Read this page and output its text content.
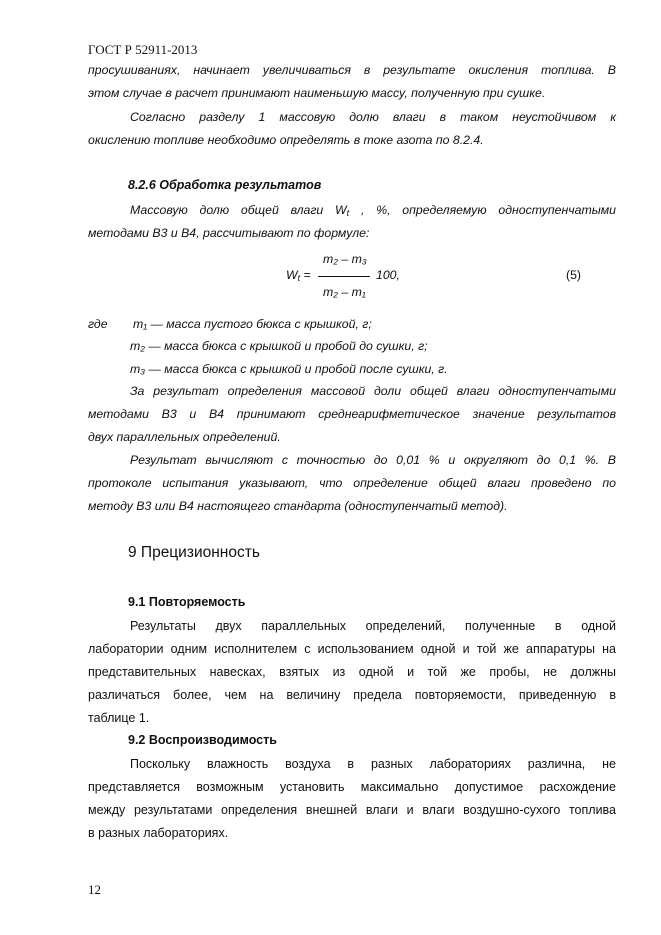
ГОСТ Р 52911-2013
просушиваниях, начинает увеличиваться в результате окисления топлива. В
этом случае в расчет принимают наименьшую массу, полученную при сушке.
Согласно разделу 1 массовую долю влаги в таком неустойчивом к
окислению топливе необходимо определять в токе азота по 8.2.4.
8.2.6 Обработка результатов
Массовую долю общей влаги $W_t$ , %, определяемую одноступенчатыми
методами В3 и В4, рассчитывают по формуле:
$W_t$ =
m₂ – m₃
m₂ – m₁
100,	(5)
где m₁ — масса пустого бюкса с крышкой, г;
m₂ — масса бюкса с крышкой и пробой до сушки, г;
m₃ — масса бюкса с крышкой и пробой после сушки, г.
За результат определения массовой доли общей влаги одноступенчатыми
методами В3 и В4 принимают среднеарифметическое значение результатов
двух параллельных определений.
Результат вычисляют с точностью до 0,01 % и округляют до 0,1 %. В
протоколе испытания указывают, что определение общей влаги проведено по
методу В3 или В4 настоящего стандарта (одноступенчатый метод).
9 Прецизионность
9.1 Повторяемость
Результаты двух параллельных определений, полученные в одной
лаборатории одним исполнителем с использованием одной и той же аппаратуры на
представительных навесках, взятых из одной и той же пробы, не должны
различаться более, чем на величину предела повторяемости, приведенную в
таблице 1.
9.2 Воспроизводимость
Поскольку влажность воздуха в разных лабораториях различна, не
представляется возможным установить максимально допустимое расхождение
между результатами определения внешней влаги и влаги воздушно-сухого топлива
в разных лабораториях.
12
